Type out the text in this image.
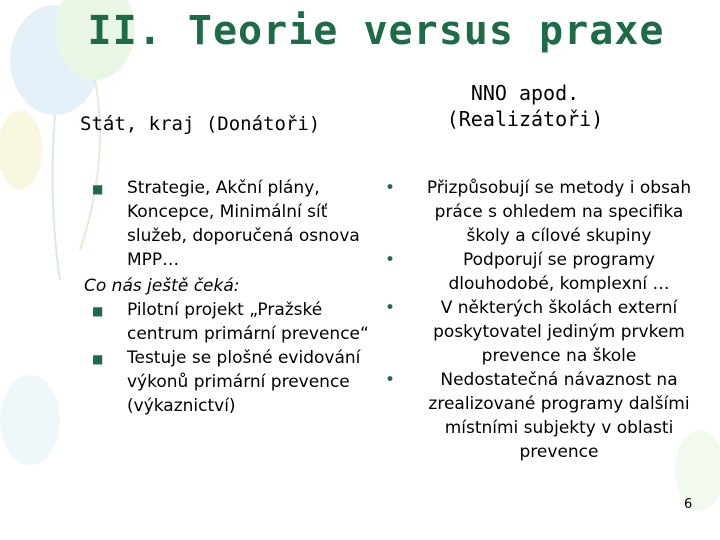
II. Teorie versus praxe
Stát, kraj (Donátoři)
NNO apod.
(Realizátoři)
■ Strategie, Akční plány, Koncepce, Minimální síť služeb, doporučená osnova MPP…
Co nás ještě čeká:
■ Pilotní projekt „Pražské centrum primární prevence“
■ Testuje se plošné evidování výkonů primární prevence (výkaznictví)
•	Přizpůsobují se metody i obsah práce s ohledem na specifika školy a cílové skupiny
•	Podporují se programy dlouhodobé, komplexní …
•	V některých školách externí poskytovatel jediným prvkem prevence na škole
•	Nedostatečná návaznost na zrealizované programy dalšími místními subjekty v oblasti prevence
6
